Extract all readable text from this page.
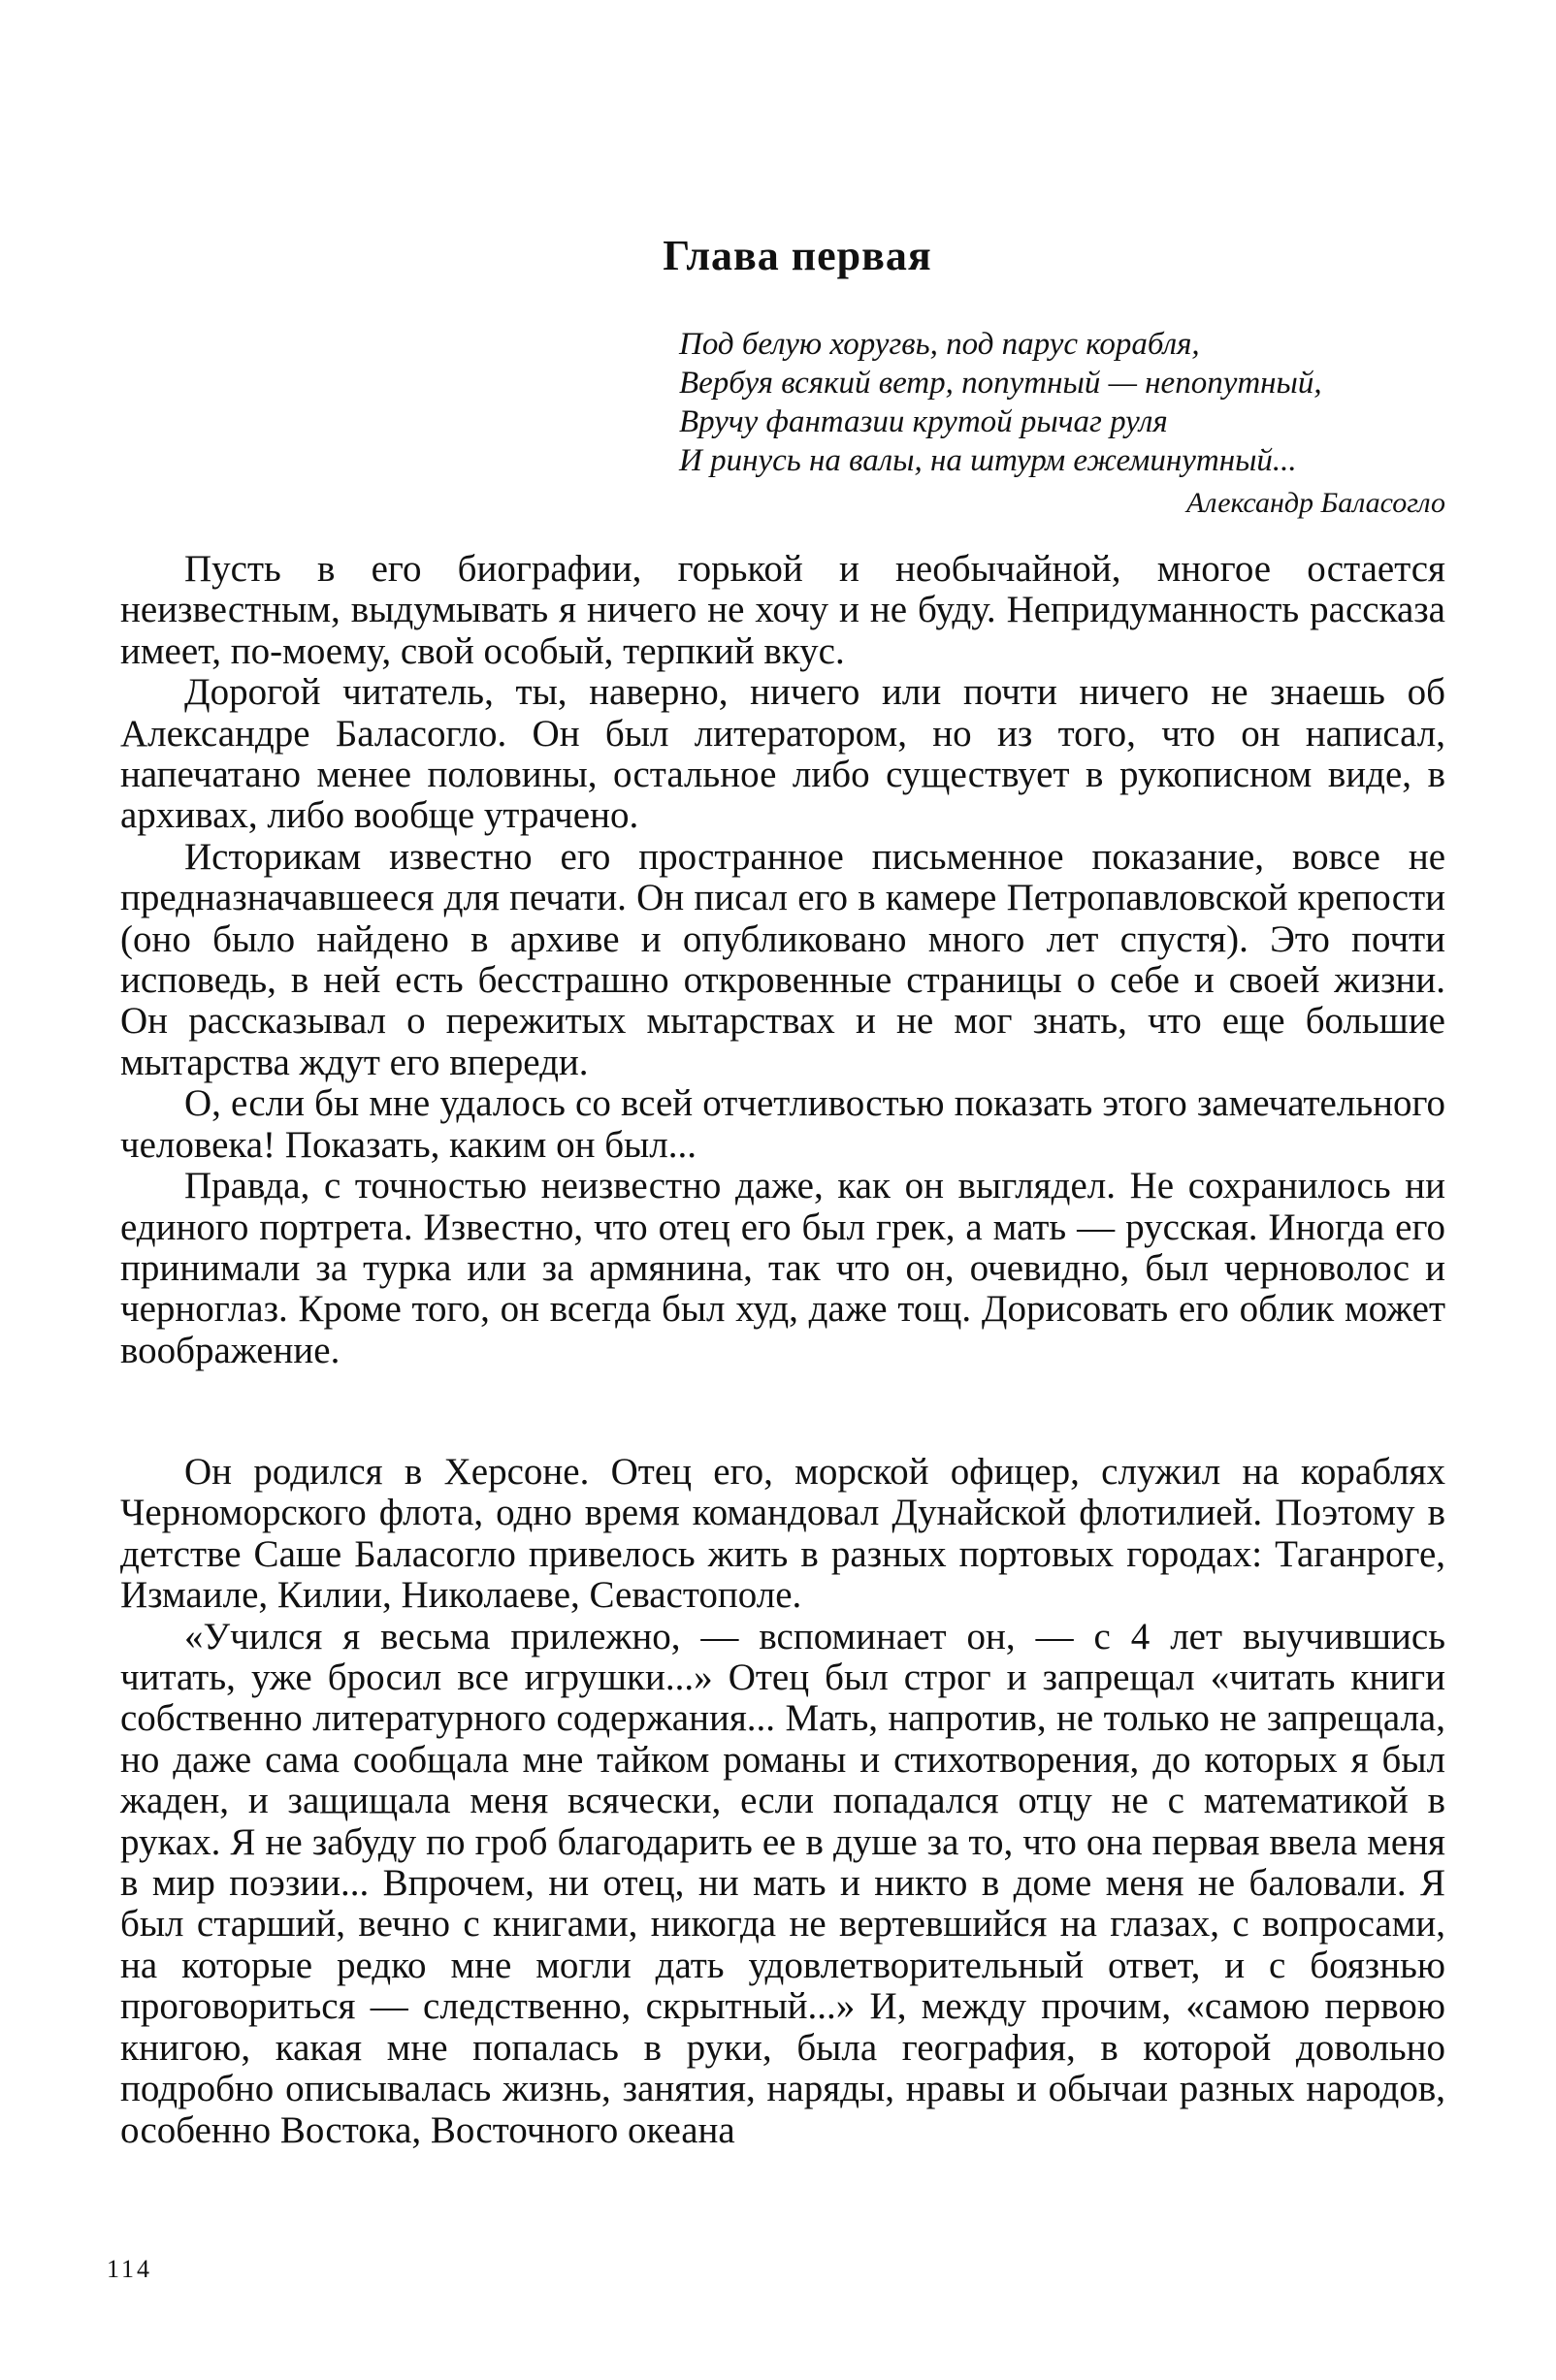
Глава первая
Под белую хоругвь, под парус корабля,
Вербуя всякий ветр, попутный — непопутный,
Вручу фантазии крутой рычаг руля
И ринусь на валы, на штурм ежеминутный...
Александр Баласогло

Пусть в его биографии, горькой и необычайной, многое остается неизвестным, выдумывать я ничего не хочу и не буду. Непридуманность рассказа имеет, по-моему, свой особый, терпкий вкус.

Дорогой читатель, ты, наверно, ничего или почти ничего не знаешь об Александре Баласогло. Он был литератором, но из того, что он написал, напечатано менее половины, остальное либо существует в рукописном виде, в архивах, либо вообще утрачено.

Историкам известно его пространное письменное показание, вовсе не предназначавшееся для печати. Он писал его в камере Петропавловской крепости (оно было найдено в архиве и опубликовано много лет спустя). Это почти исповедь, в ней есть бесстрашно откровенные страницы о себе и своей жизни. Он рассказывал о пережитых мытарствах и не мог знать, что еще большие мытарства ждут его впереди.

О, если бы мне удалось со всей отчетливостью показать этого замечательного человека! Показать, каким он был...

Правда, с точностью неизвестно даже, как он выглядел. Не сохранилось ни единого портрета. Известно, что отец его был грек, а мать — русская. Иногда его принимали за турка или за армянина, так что он, очевидно, был черноволос и черноглаз. Кроме того, он всегда был худ, даже тощ. Дорисовать его облик может воображение.

Он родился в Херсоне. Отец его, морской офицер, служил на кораблях Черноморского флота, одно время командовал Дунайской флотилией. Поэтому в детстве Саше Баласогло привелось жить в разных портовых городах: Таганроге, Измаиле, Килии, Николаеве, Севастополе.

«Учился я весьма прилежно, — вспоминает он, — с 4 лет выучившись читать, уже бросил все игрушки...» Отец был строг и запрещал «читать книги собственно литературного содержания... Мать, напротив, не только не запрещала, но даже сама сообщала мне тайком романы и стихотворения, до которых я был жаден, и защищала меня всячески, если попадался отцу не с математикой в руках. Я не забуду по гроб благодарить ее в душе за то, что она первая ввела меня в мир поэзии... Впрочем, ни отец, ни мать и никто в доме меня не баловали. Я был старший, вечно с книгами, никогда не вертевшийся на глазах, с вопросами, на которые редко мне могли дать удовлетворительный ответ, и с боязнью проговориться — следственно, скрытный...» И, между прочим, «самою первою книгою, какая мне попалась в руки, была география, в которой довольно подробно описывалась жизнь, занятия, наряды, нравы и обычаи разных народов, особенно Востока, Восточного океана

114
